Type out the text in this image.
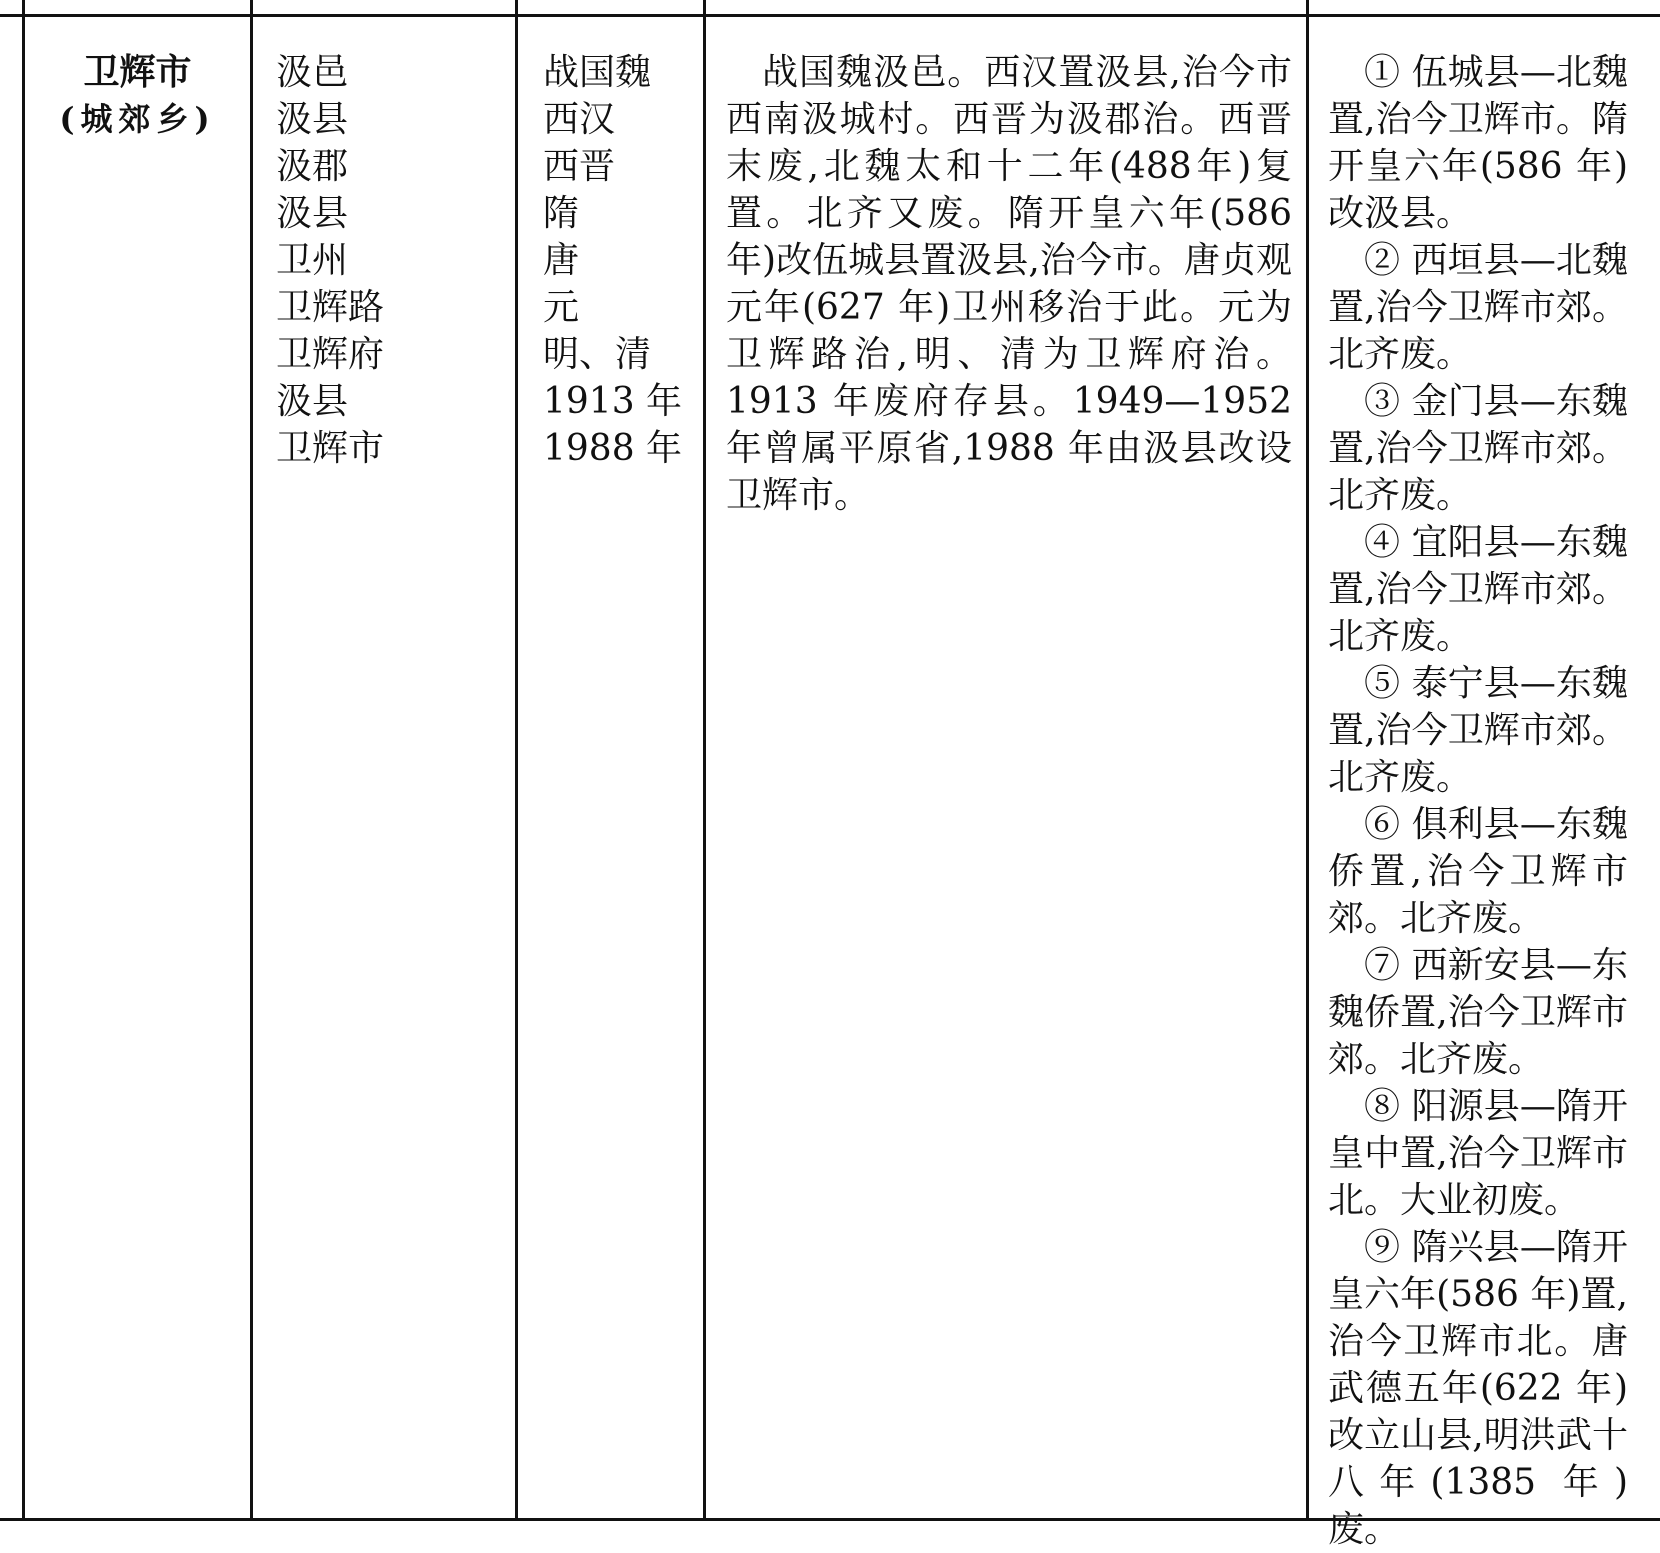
卫辉市
(城郊乡)
汲邑
汲县
汲郡
汲县
卫州
卫辉路
卫辉府
汲县
卫辉市
战国魏
西汉
西晋
隋
唐
元
明、清
1913 年
1988 年
战国魏汲邑。西汉置汲县,治今市西南汲城村。西晋为汲郡治。西晋末废,北魏太和十二年(488年)复置。北齐又废。隋开皇六年(586 年)改伍城县置汲县,治今市。唐贞观元年(627 年)卫州移治于此。元为卫辉路治,明、清为卫辉府治。1913 年废府存县。1949—1952 年曾属平原省,1988 年由汲县改设卫辉市。
① 伍城县—北魏置,治今卫辉市。隋开皇六年(586 年)改汲县。
② 西垣县—北魏置,治今卫辉市郊。北齐废。
③ 金门县—东魏置,治今卫辉市郊。北齐废。
④ 宜阳县—东魏置,治今卫辉市郊。北齐废。
⑤ 泰宁县—东魏置,治今卫辉市郊。北齐废。
⑥ 俱利县—东魏侨置,治今卫辉市郊。北齐废。
⑦ 西新安县—东魏侨置,治今卫辉市郊。北齐废。
⑧ 阳源县—隋开皇中置,治今卫辉市北。大业初废。
⑨ 隋兴县—隋开皇六年(586 年)置,治今卫辉市北。唐武德五年(622 年)改立山县,明洪武十八年(1385 年)废。
